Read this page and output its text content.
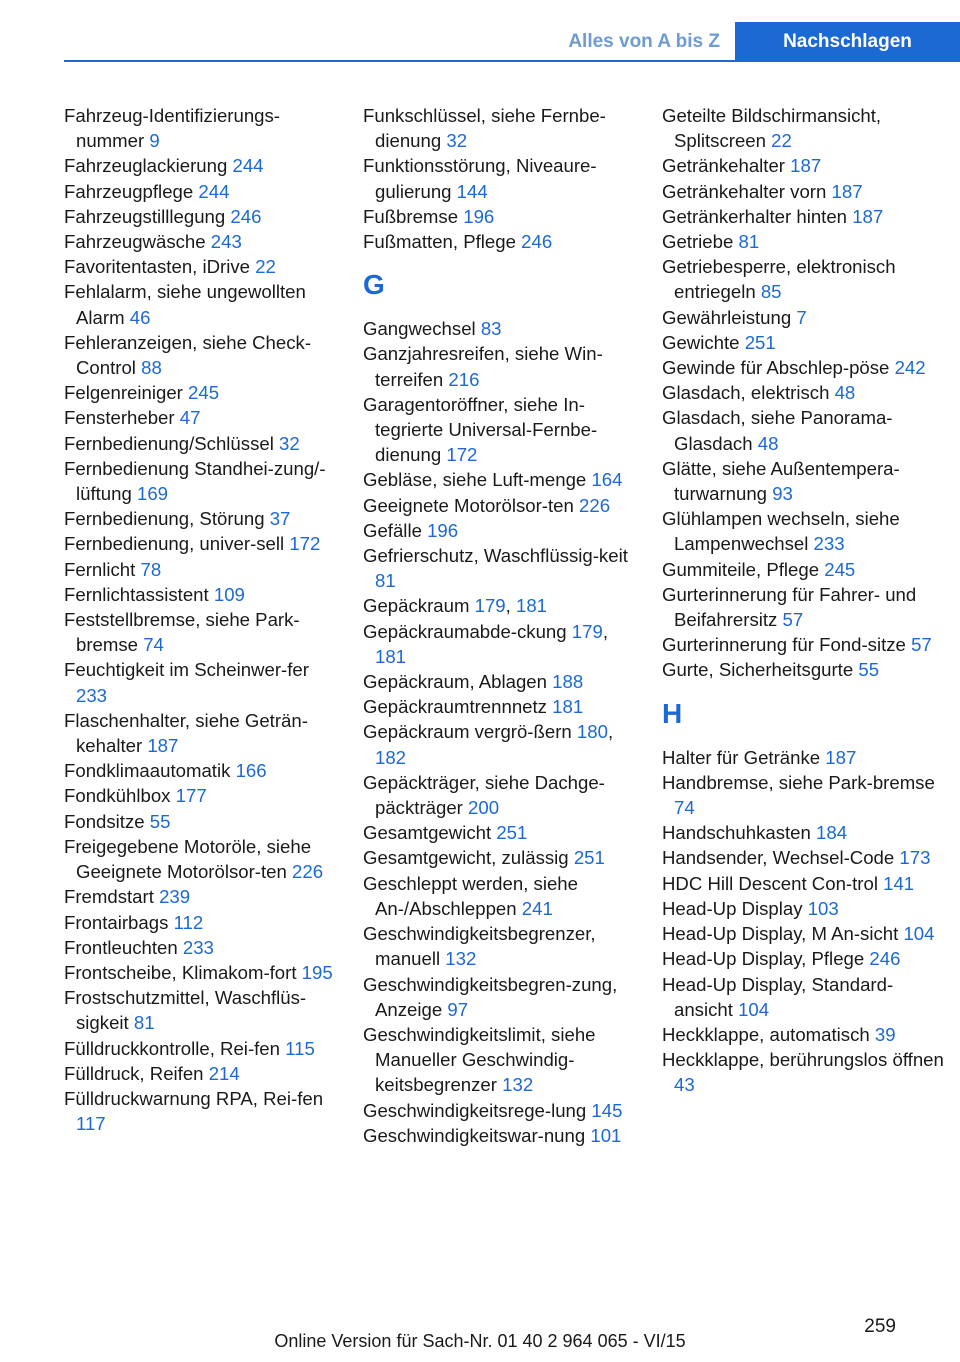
Alles von A bis Z	Nachschlagen
Fahrzeug-Identifizierungs-nummer 9
Fahrzeuglackierung 244
Fahrzeugpflege 244
Fahrzeugstilllegung 246
Fahrzeugwäsche 243
Favoritentasten, iDrive 22
Fehlalarm, siehe ungewollten Alarm 46
Fehleranzeigen, siehe Check-Control 88
Felgenreiniger 245
Fensterheber 47
Fernbedienung/Schlüssel 32
Fernbedienung Standhei-zung/-lüftung 169
Fernbedienung, Störung 37
Fernbedienung, univer-sell 172
Fernlicht 78
Fernlichtassistent 109
Feststellbremse, siehe Park-bremse 74
Feuchtigkeit im Scheinwer-fer 233
Flaschenhalter, siehe Geträn-kehalter 187
Fondklimaautomatik 166
Fondkühlbox 177
Fondsitze 55
Freigegebene Motoröle, siehe Geeignete Motorölsor-ten 226
Fremdstart 239
Frontairbags 112
Frontleuchten 233
Frontscheibe, Klimakom-fort 195
Frostschutzmittel, Waschflüs-sigkeit 81
Fülldruckkontrolle, Rei-fen 115
Fülldruck, Reifen 214
Fülldruckwarnung RPA, Rei-fen 117
Funkschlüssel, siehe Fernbe-dienung 32
Funktionsstörung, Niveaure-gulierung 144
Fußbremse 196
Fußmatten, Pflege 246
G
Gangwechsel 83
Ganzjahresreifen, siehe Win-terreifen 216
Garagentoröffner, siehe In-tegrierte Universal-Fernbe-dienung 172
Gebläse, siehe Luft-menge 164
Geeignete Motorölsor-ten 226
Gefälle 196
Gefrierschutz, Waschflüssig-keit 81
Gepäckraum 179, 181
Gepäckraumabde-ckung 179, 181
Gepäckraum, Ablagen 188
Gepäckraumtrennnetz 181
Gepäckraum vergrö-ßern 180, 182
Gepäckträger, siehe Dachge-päckträger 200
Gesamtgewicht 251
Gesamtgewicht, zulässig 251
Geschleppt werden, siehe An-/Abschleppen 241
Geschwindigkeitsbegrenzer, manuell 132
Geschwindigkeitsbegren-zung, Anzeige 97
Geschwindigkeitslimit, siehe Manueller Geschwindig-keitsbegrenzer 132
Geschwindigkeitsrege-lung 145
Geschwindigkeitswar-nung 101
Geteilte Bildschirmansicht, Splitscreen 22
Getränkehalter 187
Getränkehalter vorn 187
Getränkerhalter hinten 187
Getriebe 81
Getriebesperre, elektronisch entriegeln 85
Gewährleistung 7
Gewichte 251
Gewinde für Abschlep-pöse 242
Glasdach, elektrisch 48
Glasdach, siehe Panorama-Glasdach 48
Glätte, siehe Außentempera-turwarnung 93
Glühlampen wechseln, siehe Lampenwechsel 233
Gummiteile, Pflege 245
Gurterinnerung für Fahrer- und Beifahrersitz 57
Gurterinnerung für Fond-sitze 57
Gurte, Sicherheitsgurte 55
H
Halter für Getränke 187
Handbremse, siehe Park-bremse 74
Handschuhkasten 184
Handsender, Wechsel-Code 173
HDC Hill Descent Con-trol 141
Head-Up Display 103
Head-Up Display, M An-sicht 104
Head-Up Display, Pflege 246
Head-Up Display, Standard-ansicht 104
Heckklappe, automatisch 39
Heckklappe, berührungslos öffnen 43
259
Online Version für Sach-Nr. 01 40 2 964 065 - VI/15
